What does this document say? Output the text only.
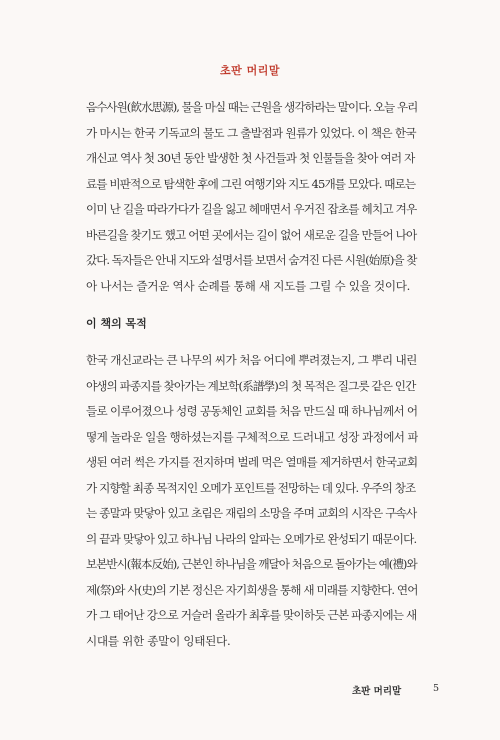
초판 머리말
음수사원(飮水思源), 물을 마실 때는 근원을 생각하라는 말이다. 오늘 우리
가 마시는 한국 기독교의 물도 그 출발점과 원류가 있었다. 이 책은 한국
개신교 역사 첫 30년 동안 발생한 첫 사건들과 첫 인물들을 찾아 여러 자
료를 비판적으로 탐색한 후에 그린 여행기와 지도 45개를 모았다. 때로는
이미 난 길을 따라가다가 길을 잃고 헤매면서 우거진 잡초를 헤치고 겨우
바른길을 찾기도 했고 어떤 곳에서는 길이 없어 새로운 길을 만들어 나아
갔다. 독자들은 안내 지도와 설명서를 보면서 숨겨진 다른 시원(始原)을 찾
아 나서는 즐거운 역사 순례를 통해 새 지도를 그릴 수 있을 것이다.
이 책의 목적
한국 개신교라는 큰 나무의 씨가 처음 어디에 뿌려졌는지, 그 뿌리 내린
야생의 파종지를 찾아가는 계보학(系譜學)의 첫 목적은 질그릇 같은 인간
들로 이루어졌으나 성령 공동체인 교회를 처음 만드실 때 하나님께서 어
떻게 놀라운 일을 행하셨는지를 구체적으로 드러내고 성장 과정에서 파
생된 여러 썩은 가지를 전지하며 벌레 먹은 열매를 제거하면서 한국교회
가 지향할 최종 목적지인 오메가 포인트를 전망하는 데 있다. 우주의 창조
는 종말과 맞닿아 있고 초림은 재림의 소망을 주며 교회의 시작은 구속사
의 끝과 맞닿아 있고 하나님 나라의 알파는 오메가로 완성되기 때문이다.
보본반시(報本反始), 근본인 하나님을 깨달아 처음으로 돌아가는 예(禮)와
제(祭)와 사(史)의 기본 정신은 자기희생을 통해 새 미래를 지향한다. 연어
가 그 태어난 강으로 거슬러 올라가 최후를 맞이하듯 근본 파종지에는 새
시대를 위한 종말이 잉태된다.
초판 머리말	5
